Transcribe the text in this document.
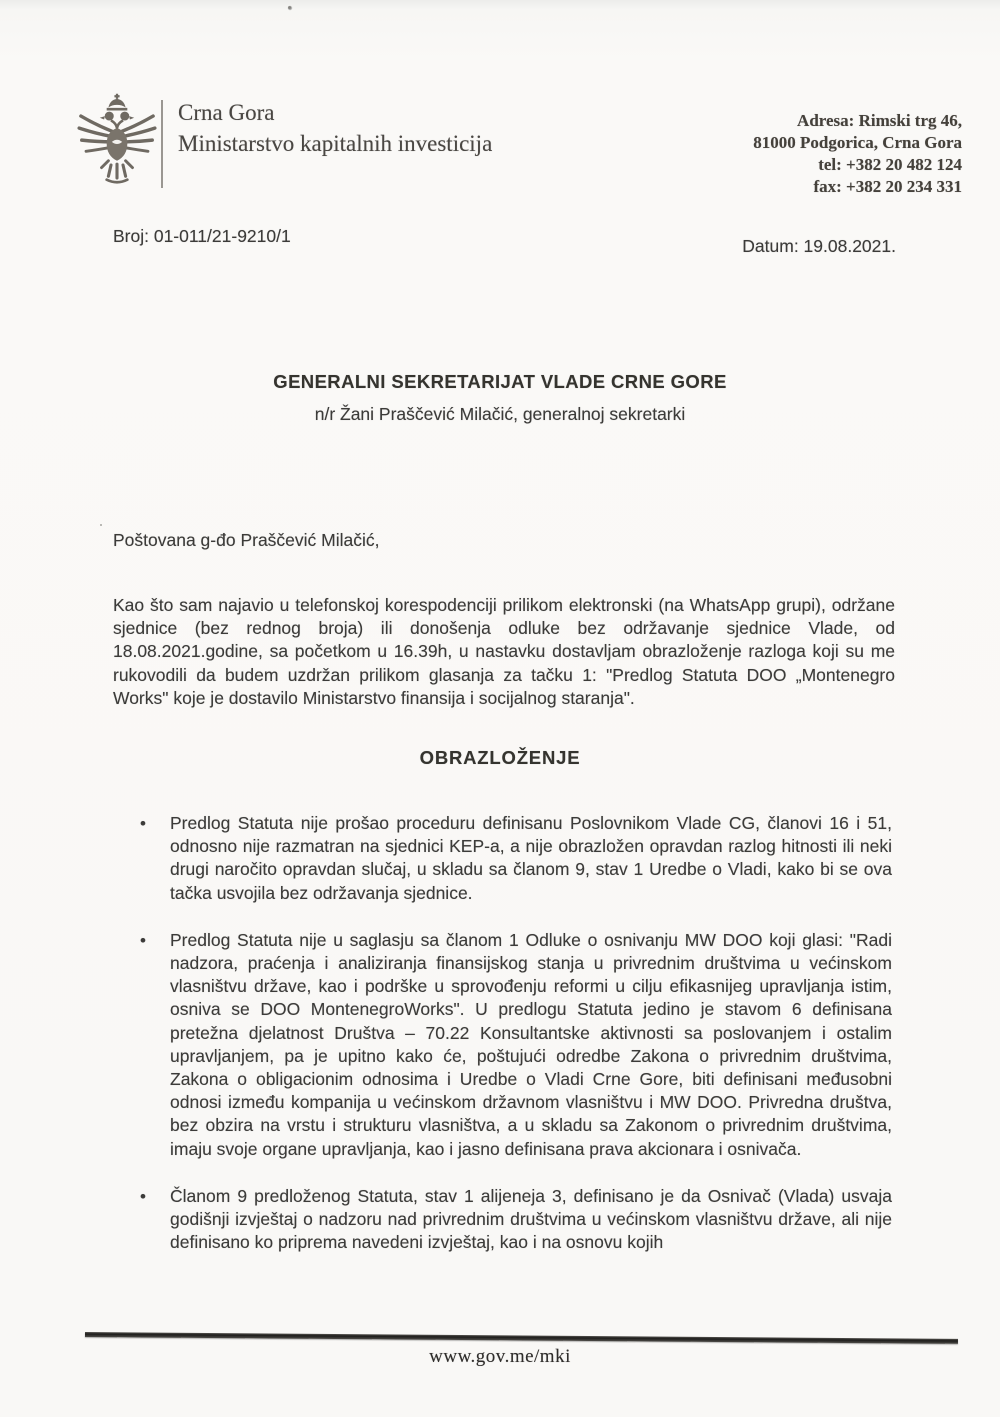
Crna Gora
Ministarstvo kapitalnih investicija
Adresa: Rimski trg 46,
81000 Podgorica, Crna Gora
tel: +382 20 482 124
fax: +382 20 234 331
Broj: 01-011/21-9210/1	Datum: 19.08.2021.
GENERALNI SEKRETARIJAT VLADE CRNE GORE
n/r Žani Praščević Milačić, generalnoj sekretarki
Poštovana g-đo Praščević Milačić,
Kao što sam najavio u telefonskoj korespodenciji prilikom elektronski (na WhatsApp grupi), održane sjednice (bez rednog broja) ili donošenja odluke bez održavanje sjednice Vlade, od 18.08.2021.godine, sa početkom u 16.39h, u nastavku dostavljam obrazloženje razloga koji su me rukovodili da budem uzdržan prilikom glasanja za tačku 1: "Predlog Statuta DOO „Montenegro Works" koje je dostavilo Ministarstvo finansija i socijalnog staranja".
OBRAZLOŽENJE
• Predlog Statuta nije prošao proceduru definisanu Poslovnikom Vlade CG, članovi 16 i 51, odnosno nije razmatran na sjednici KEP-a, a nije obrazložen opravdan razlog hitnosti ili neki drugi naročito opravdan slučaj, u skladu sa članom 9, stav 1 Uredbe o Vladi, kako bi se ova tačka usvojila bez održavanja sjednice.
• Predlog Statuta nije u saglasju sa članom 1 Odluke o osnivanju MW DOO koji glasi: "Radi nadzora, praćenja i analiziranja finansijskog stanja u privrednim društvima u većinskom vlasništvu države, kao i podrške u sprovođenju reformi u cilju efikasnijeg upravljanja istim, osniva se DOO MontenegroWorks". U predlogu Statuta jedino je stavom 6 definisana pretežna djelatnost Društva – 70.22 Konsultantske aktivnosti sa poslovanjem i ostalim upravljanjem, pa je upitno kako će, poštujući odredbe Zakona o privrednim društvima, Zakona o obligacionim odnosima i Uredbe o Vladi Crne Gore, biti definisani međusobni odnosi između kompanija u većinskom državnom vlasništvu i MW DOO. Privredna društva, bez obzira na vrstu i strukturu vlasništva, a u skladu sa Zakonom o privrednim društvima, imaju svoje organe upravljanja, kao i jasno definisana prava akcionara i osnivača.
• Članom 9 predloženog Statuta, stav 1 alijeneja 3, definisano je da Osnivač (Vlada) usvaja godišnji izvještaj o nadzoru nad privrednim društvima u većinskom vlasništvu države, ali nije definisano ko priprema navedeni izvještaj, kao i na osnovu kojih
www.gov.me/mki
